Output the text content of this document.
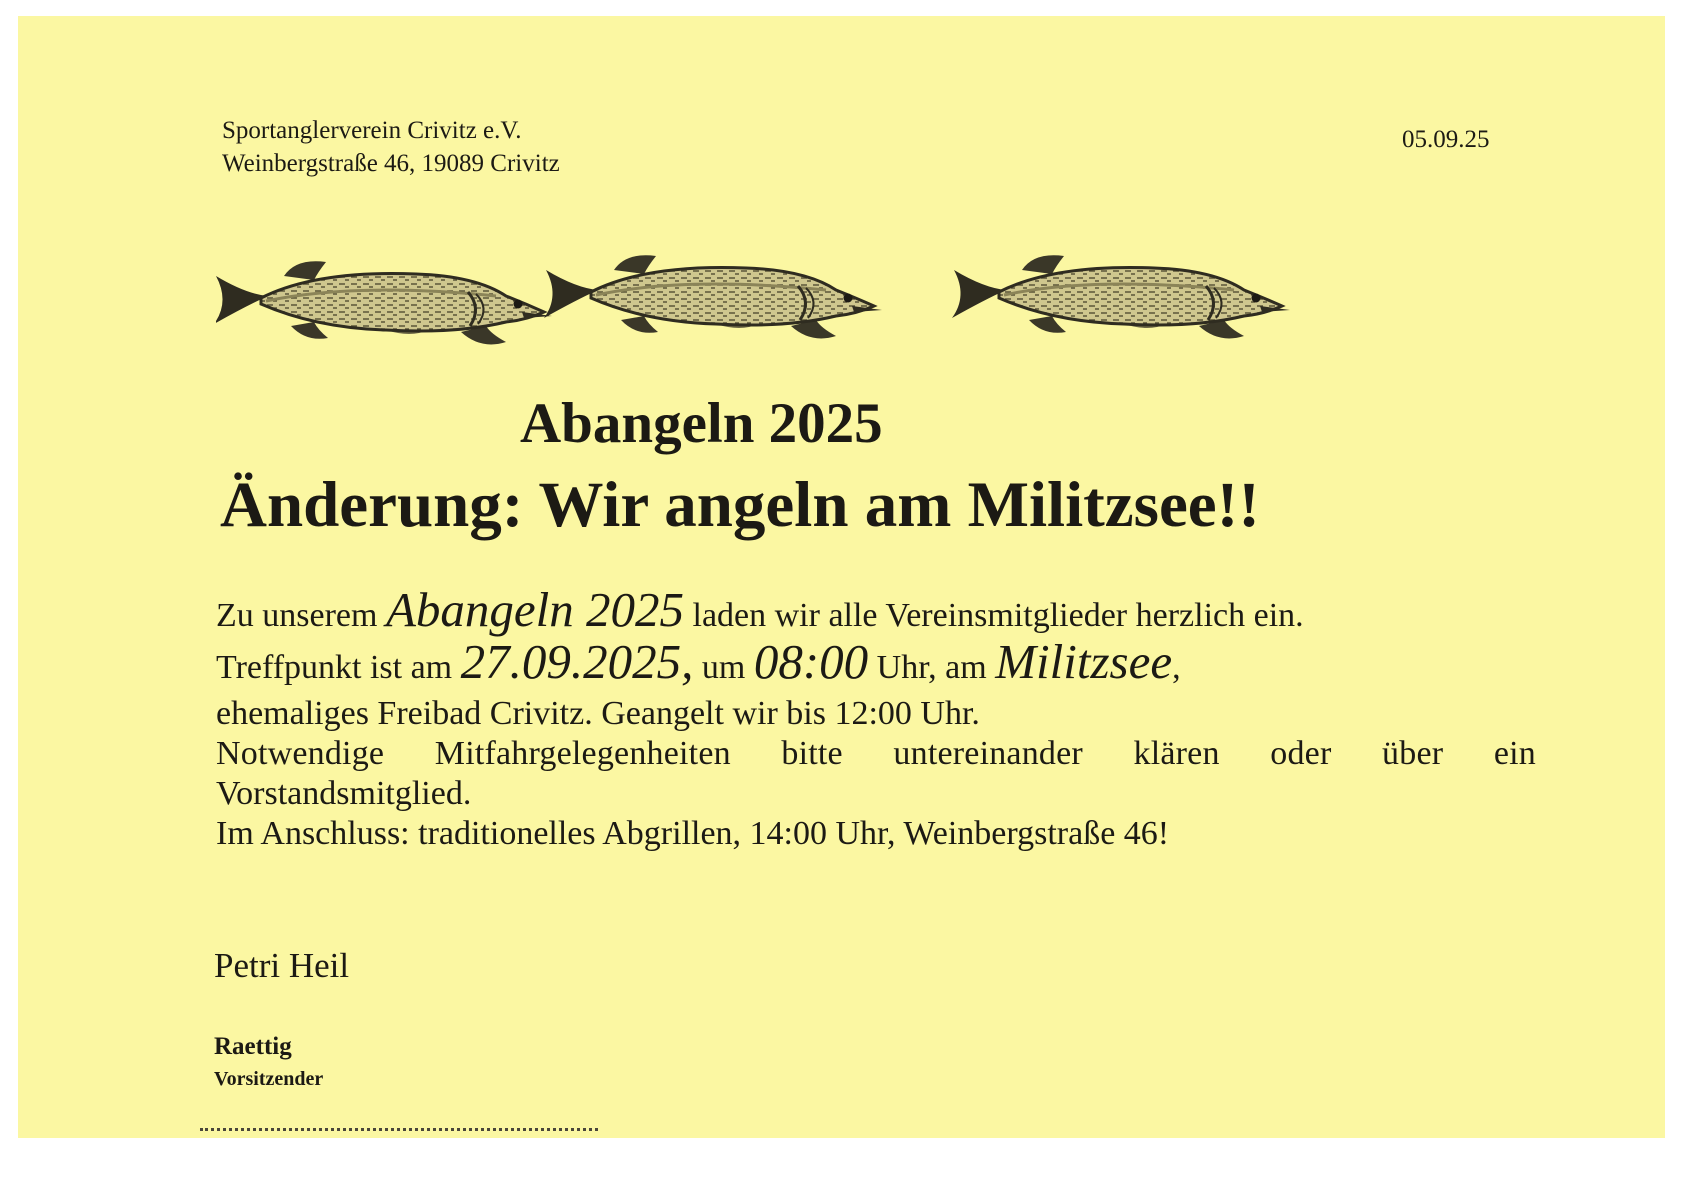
Sportanglerverein Crivitz e.V.
Weinbergstraße 46, 19089 Crivitz
05.09.25
Abangeln 2025
Änderung: Wir angeln am Militzsee!!

Zu unserem Abangeln 2025 laden wir alle Vereinsmitglieder herzlich ein.

Treffpunkt ist am 27.09.2025, um 08:00 Uhr, am Militzsee,

ehemaliges Freibad Crivitz. Geangelt wir bis 12:00 Uhr.

Notwendige Mitfahrgelegenheiten bitte untereinander klären oder über ein

Vorstandsmitglied.

Im Anschluss: traditionelles Abgrillen, 14:00 Uhr, Weinbergstraße 46!

Petri Heil
Raettig
Vorsitzender
